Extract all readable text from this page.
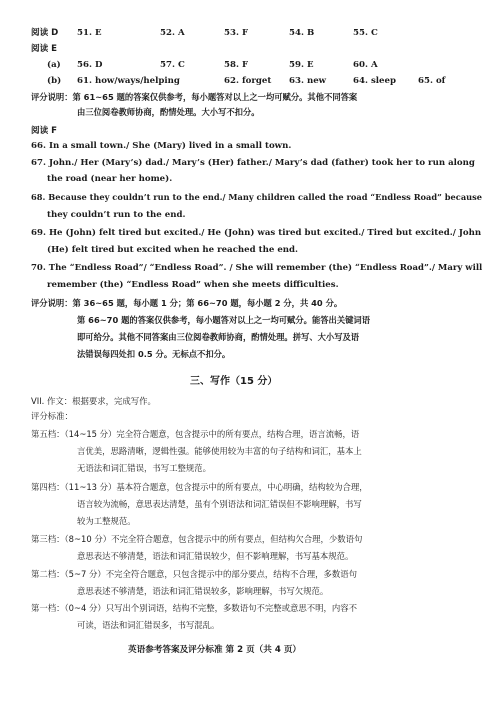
阅读 D 51. E	52. A	53. F	54. B	55. C
阅读 E
(a) 56. D	57. C	58. F	59. E	60. A
(b) 61. how/ways/helping	62. forget 63. new	64. sleep	65. of
评分说明：第 61~65 题的答案仅供参考，每小题答对以上之一均可赋分。其他不同答案
由三位阅卷教师协商，酌情处理。大小写不扣分。
阅读 F
66. In a small town./ She (Mary) lived in a small town.
67. John./ Her (Mary’s) dad./ Mary’s (Her) father./ Mary’s dad (father) took her to run along
the road (near her home).
68. Because they couldn’t run to the end./ Many children called the road “Endless Road” because
they couldn’t run to the end.
69. He (John) felt tired but excited./ He (John) was tired but excited./ Tired but excited./ John
(He) felt tired but excited when he reached the end.
70. The “Endless Road”/ “Endless Road”. / She will remember (the) “Endless Road”./ Mary will
remember (the) “Endless Road” when she meets difficulties.
评分说明：第 36~65 题，每小题 1 分；第 66~70 题，每小题 2 分，共 40 分。
第 66~70 题的答案仅供参考，每小题答对以上之一均可赋分。能答出关键词语
即可给分。其他不同答案由三位阅卷教师协商，酌情处理。拼写、大小写及语
法错误每四处扣 0.5 分。无标点不扣分。
三、写作（15 分）
VII. 作文：根据要求，完成写作。
评分标准：
第五档：（14~15 分）完全符合题意，包含提示中的所有要点，结构合理，语言流畅，语
言优美，思路清晰，逻辑性强。能够使用较为丰富的句子结构和词汇，基本上
无语法和词汇错误，书写工整规范。
第四档：（11~13 分）基本符合题意，包含提示中的所有要点，中心明确，结构较为合理，
语言较为流畅，意思表达清楚，虽有个别语法和词汇错误但不影响理解，书写
较为工整规范。
第三档：（8~10 分）不完全符合题意，包含提示中的所有要点，但结构欠合理，少数语句
意思表达不够清楚，语法和词汇错误较少，但不影响理解，书写基本规范。
第二档：（5~7 分）不完全符合题意，只包含提示中的部分要点，结构不合理，多数语句
意思表述不够清楚，语法和词汇错误较多，影响理解，书写欠规范。
第一档：（0~4 分）只写出个别词语，结构不完整，多数语句不完整或意思不明，内容不
可读，语法和词汇错误多，书写混乱。
英语参考答案及评分标准 第 2 页（共 4 页）
